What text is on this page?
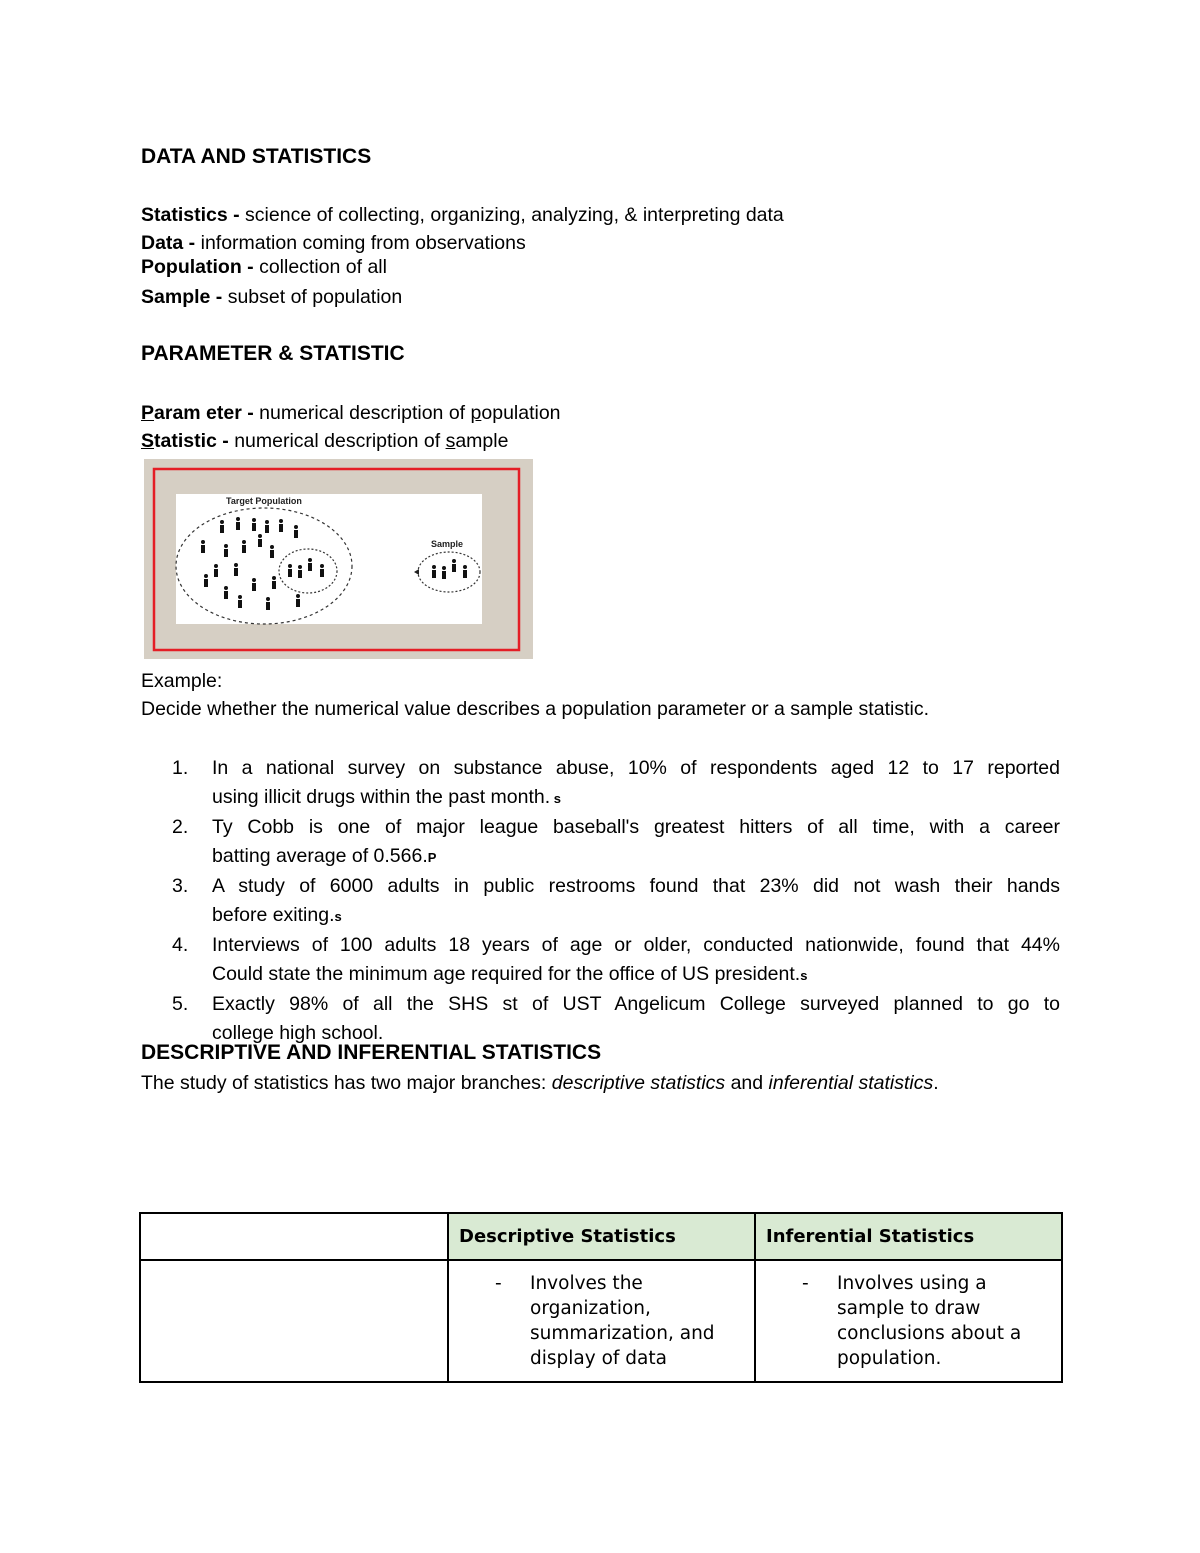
DATA AND STATISTICS
Statistics - science of collecting, organizing, analyzing, & interpreting data
Data - information coming from observations
Population - collection of all
Sample - subset of population
PARAMETER & STATISTIC
Param eter - numerical description of population
Statistic - numerical description of sample
Target Population
Sample
Example:
Decide whether the numerical value describes a population parameter or a sample statistic.
1. In a national survey on substance abuse, 10% of respondents aged 12 to 17 reported
using illicit drugs within the past month. s
2. Ty Cobb is one of major league baseball's greatest hitters of all time, with a career
batting average of 0.566.P
3. A study of 6000 adults in public restrooms found that 23% did not wash their hands
before exiting.s
4. Interviews of 100 adults 18 years of age or older, conducted nationwide, found that 44%
Could state the minimum age required for the office of US president.s
5. Exactly 98% of all the SHS st of UST Angelicum College surveyed planned to go to
college high school.
DESCRIPTIVE AND INFERENTIAL STATISTICS
The study of statistics has two major branches: descriptive statistics and inferential statistics.
	Descriptive Statistics	Inferential Statistics

	- Involves the organization, summarization, and display of data	- Involves using a sample to draw conclusions about a population.
